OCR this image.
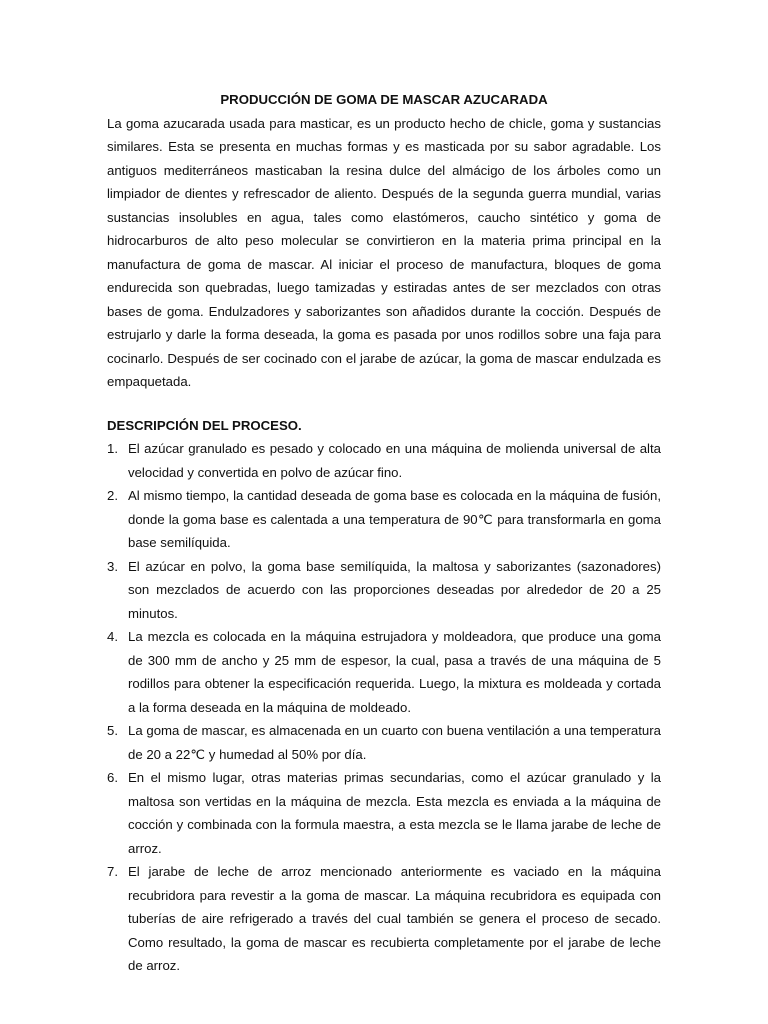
PRODUCCIÓN DE GOMA DE MASCAR AZUCARADA

La goma azucarada usada para masticar, es un producto hecho de chicle, goma y sustancias similares. Esta se presenta en muchas formas y es masticada por su sabor agradable. Los antiguos mediterráneos masticaban la resina dulce del almácigo de los árboles como un limpiador de dientes y refrescador de aliento. Después de la segunda guerra mundial, varias sustancias insolubles en agua, tales como elastómeros, caucho sintético y goma de hidrocarburos de alto peso molecular se convirtieron en la materia prima principal en la manufactura de goma de mascar. Al iniciar el proceso de manufactura, bloques de goma endurecida son quebradas, luego tamizadas y estiradas antes de ser mezclados con otras bases de goma. Endulzadores y saborizantes son añadidos durante la cocción. Después de estrujarlo y darle la forma deseada, la goma es pasada por unos rodillos sobre una faja para cocinarlo. Después de ser cocinado con el jarabe de azúcar, la goma de mascar endulzada es empaquetada.

DESCRIPCIÓN DEL PROCESO.
1. El azúcar granulado es pesado y colocado en una máquina de molienda universal de alta velocidad y convertida en polvo de azúcar fino.
2. Al mismo tiempo, la cantidad deseada de goma base es colocada en la máquina de fusión, donde la goma base es calentada a una temperatura de 90℃ para transformarla en goma base semilíquida.
3. El azúcar en polvo, la goma base semilíquida, la maltosa y saborizantes (sazonadores) son mezclados de acuerdo con las proporciones deseadas por alrededor de 20 a 25 minutos.
4. La mezcla es colocada en la máquina estrujadora y moldeadora, que produce una goma de 300 mm de ancho y 25 mm de espesor, la cual, pasa a través de una máquina de 5 rodillos para obtener la especificación requerida. Luego, la mixtura es moldeada y cortada a la forma deseada en la máquina de moldeado.
5. La goma de mascar, es almacenada en un cuarto con buena ventilación a una temperatura de 20 a 22℃ y humedad al 50% por día.
6. En el mismo lugar, otras materias primas secundarias, como el azúcar granulado y la maltosa son vertidas en la máquina de mezcla. Esta mezcla es enviada a la máquina de cocción y combinada con la formula maestra, a esta mezcla se le llama jarabe de leche de arroz.
7. El jarabe de leche de arroz mencionado anteriormente es vaciado en la máquina recubridora para revestir a la goma de mascar. La máquina recubridora es equipada con tuberías de aire refrigerado a través del cual también se genera el proceso de secado. Como resultado, la goma de mascar es recubierta completamente por el jarabe de leche de arroz.
